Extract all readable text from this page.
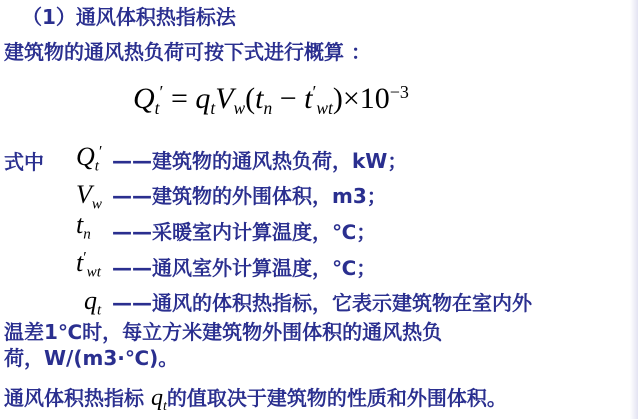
（1）通风体积热指标法
建筑物的通风热负荷可按下式进行概算 ：
$Q_t' = q_tV_w(t_n - t'_{wt})\times 10^{-3}$
式中 $Q_t'$ ——建筑物的通风热负荷，kW；
$V_w$ ——建筑物的外围体积，m3；
$t_n$ ——采暖室内计算温度，℃；
$t'_{wt}$ ——通风室外计算温度，℃；
$q_t$ ——通风的体积热指标，它表示建筑物在室内外
温差1℃时，每立方米建筑物外围体积的通风热负
荷，W/(m3·℃)。
通风体积热指标 $q_t$的值取决于建筑物的性质和外围体积。
